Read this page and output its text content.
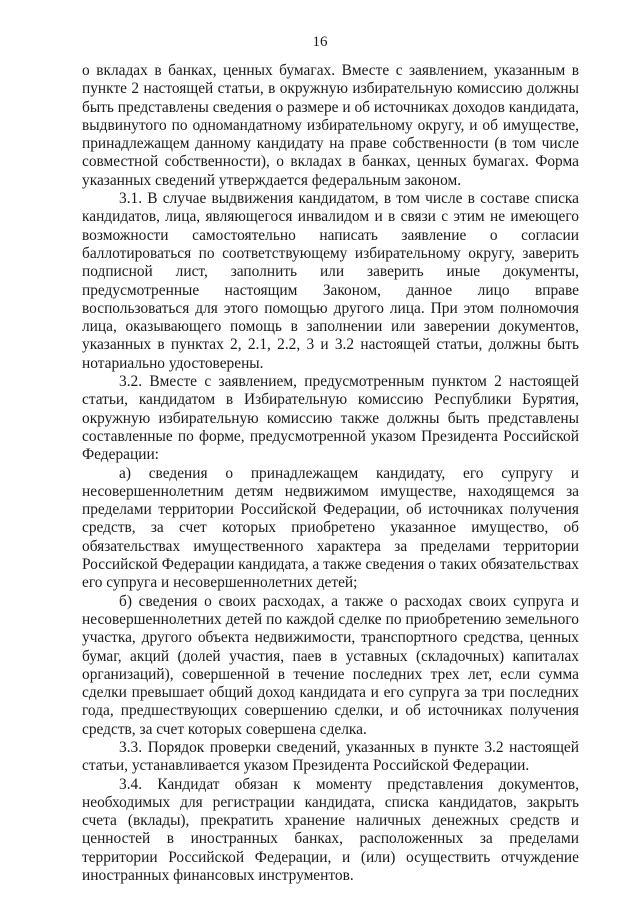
16

о вкладах в банках, ценных бумагах. Вместе с заявлением, указанным в пункте 2 настоящей статьи, в окружную избирательную комиссию должны быть представлены сведения о размере и об источниках доходов кандидата, выдвинутого по одномандатному избирательному округу, и об имуществе, принадлежащем данному кандидату на праве собственности (в том числе совместной собственности), о вкладах в банках, ценных бумагах. Форма указанных сведений утверждается федеральным законом.

3.1. В случае выдвижения кандидатом, в том числе в составе списка кандидатов, лица, являющегося инвалидом и в связи с этим не имеющего возможности самостоятельно написать заявление о согласии баллотироваться по соответствующему избирательному округу, заверить подписной лист, заполнить или заверить иные документы, предусмотренные настоящим Законом, данное лицо вправе воспользоваться для этого помощью другого лица. При этом полномочия лица, оказывающего помощь в заполнении или заверении документов, указанных в пунктах 2, 2.1, 2.2, 3 и 3.2 настоящей статьи, должны быть нотариально удостоверены.

3.2. Вместе с заявлением, предусмотренным пунктом 2 настоящей статьи, кандидатом в Избирательную комиссию Республики Бурятия, окружную избирательную комиссию также должны быть представлены составленные по форме, предусмотренной указом Президента Российской Федерации:

а) сведения о принадлежащем кандидату, его супругу и несовершеннолетним детям недвижимом имуществе, находящемся за пределами территории Российской Федерации, об источниках получения средств, за счет которых приобретено указанное имущество, об обязательствах имущественного характера за пределами территории Российской Федерации кандидата, а также сведения о таких обязательствах его супруга и несовершеннолетних детей;

б) сведения о своих расходах, а также о расходах своих супруга и несовершеннолетних детей по каждой сделке по приобретению земельного участка, другого объекта недвижимости, транспортного средства, ценных бумаг, акций (долей участия, паев в уставных (складочных) капиталах организаций), совершенной в течение последних трех лет, если сумма сделки превышает общий доход кандидата и его супруга за три последних года, предшествующих совершению сделки, и об источниках получения средств, за счет которых совершена сделка.

3.3. Порядок проверки сведений, указанных в пункте 3.2 настоящей статьи, устанавливается указом Президента Российской Федерации.

3.4. Кандидат обязан к моменту представления документов, необходимых для регистрации кандидата, списка кандидатов, закрыть счета (вклады), прекратить хранение наличных денежных средств и ценностей в иностранных банках, расположенных за пределами территории Российской Федерации, и (или) осуществить отчуждение иностранных финансовых инструментов.
